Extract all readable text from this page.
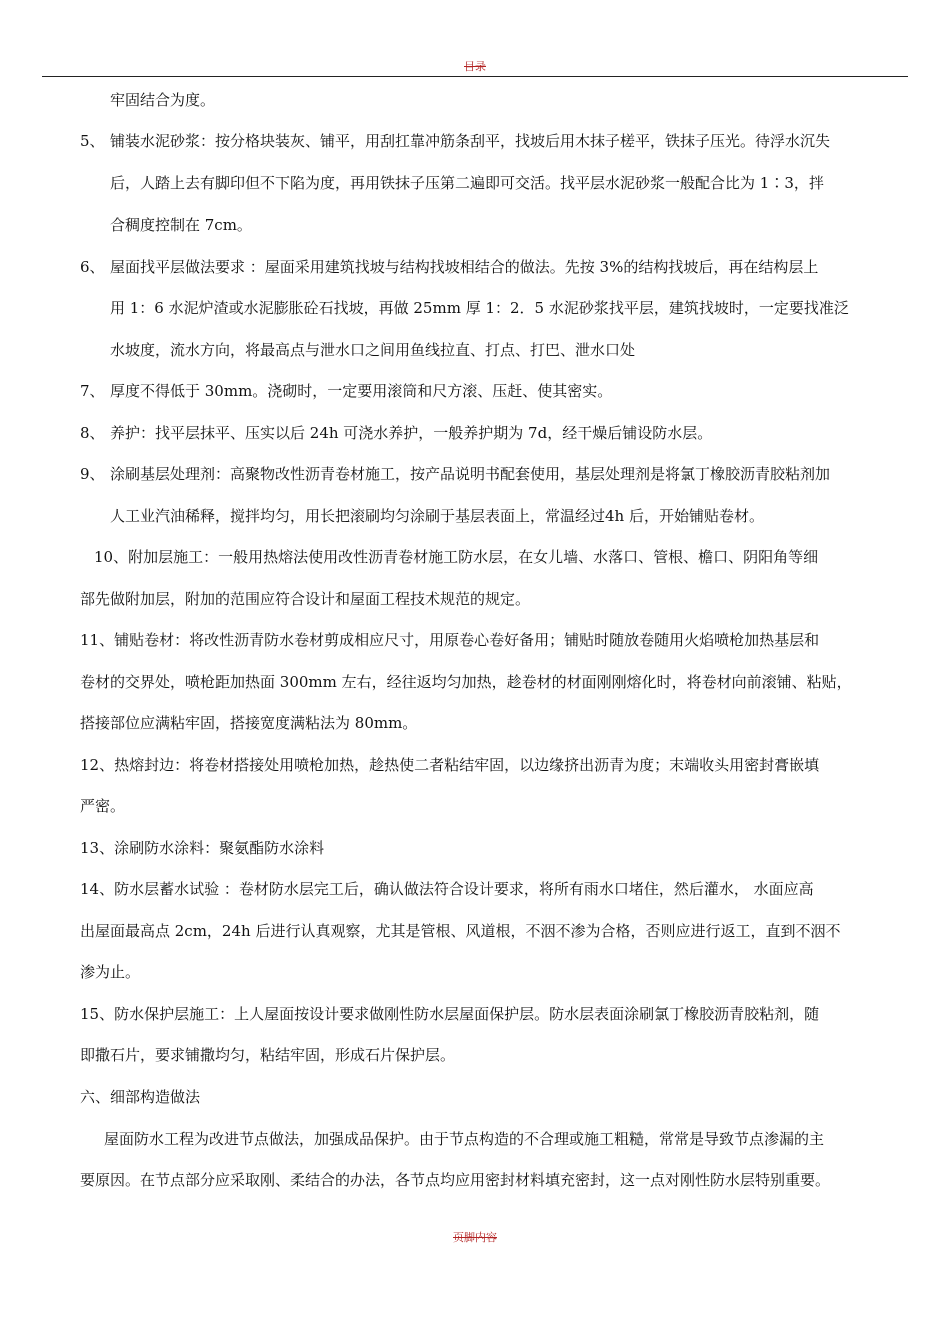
目录
牢固结合为度。
5、 铺装水泥砂浆：按分格块装灰、铺平，用刮扛靠冲筋条刮平，找坡后用木抹子槎平，铁抹子压光。待浮水沉失
后，人踏上去有脚印但不下陷为度，再用铁抹子压第二遍即可交活。找平层水泥砂浆一般配合比为 1∶3，拌
合稠度控制在 7cm。
6、 屋面找平层做法要求 ：屋面采用建筑找坡与结构找坡相结合的做法。先按 3%的结构找坡后，再在结构层上
用 1：6 水泥炉渣或水泥膨胀砼石找坡，再做 25mm 厚 1：2．5 水泥砂浆找平层，建筑找坡时，一定要找准泛
水坡度，流水方向，将最高点与泄水口之间用鱼线拉直、打点、打巴、泄水口处
7、 厚度不得低于 30mm。浇砌时，一定要用滚筒和尺方滚、压赶、使其密实。
8、 养护：找平层抹平、压实以后 24h 可浇水养护，一般养护期为 7d，经干燥后铺设防水层。
9、 涂刷基层处理剂：高聚物改性沥青卷材施工，按产品说明书配套使用，基层处理剂是将氯丁橡胶沥青胶粘剂加
人工业汽油稀释，搅拌均匀，用长把滚刷均匀涂刷于基层表面上，常温经过4h 后，开始铺贴卷材。
10、附加层施工：一般用热熔法使用改性沥青卷材施工防水层，在女儿墙、水落口、管根、檐口、阴阳角等细
部先做附加层，附加的范围应符合设计和屋面工程技术规范的规定。
11、铺贴卷材：将改性沥青防水卷材剪成相应尺寸，用原卷心卷好备用；铺贴时随放卷随用火焰喷枪加热基层和
卷材的交界处，喷枪距加热面 300mm 左右，经往返均匀加热，趁卷材的材面刚刚熔化时，将卷材向前滚铺、粘贴，
搭接部位应满粘牢固，搭接宽度满粘法为 80mm。
12、热熔封边：将卷材搭接处用喷枪加热，趁热使二者粘结牢固，以边缘挤出沥青为度；末端收头用密封膏嵌填
严密。
13、涂刷防水涂料：聚氨酯防水涂料
14、防水层蓄水试验 ：卷材防水层完工后，确认做法符合设计要求，将所有雨水口堵住，然后灌水， 水面应高
出屋面最高点 2cm，24h 后进行认真观察，尤其是管根、风道根，不洇不渗为合格，否则应进行返工，直到不洇不
渗为止。
15、防水保护层施工：上人屋面按设计要求做刚性防水层屋面保护层。防水层表面涂刷氯丁橡胶沥青胶粘剂，随
即撒石片，要求铺撒均匀，粘结牢固，形成石片保护层。
六、细部构造做法
屋面防水工程为改进节点做法，加强成品保护。由于节点构造的不合理或施工粗糙，常常是导致节点渗漏的主
要原因。在节点部分应采取刚、柔结合的办法，各节点均应用密封材料填充密封，这一点对刚性防水层特别重要。
页脚内容
